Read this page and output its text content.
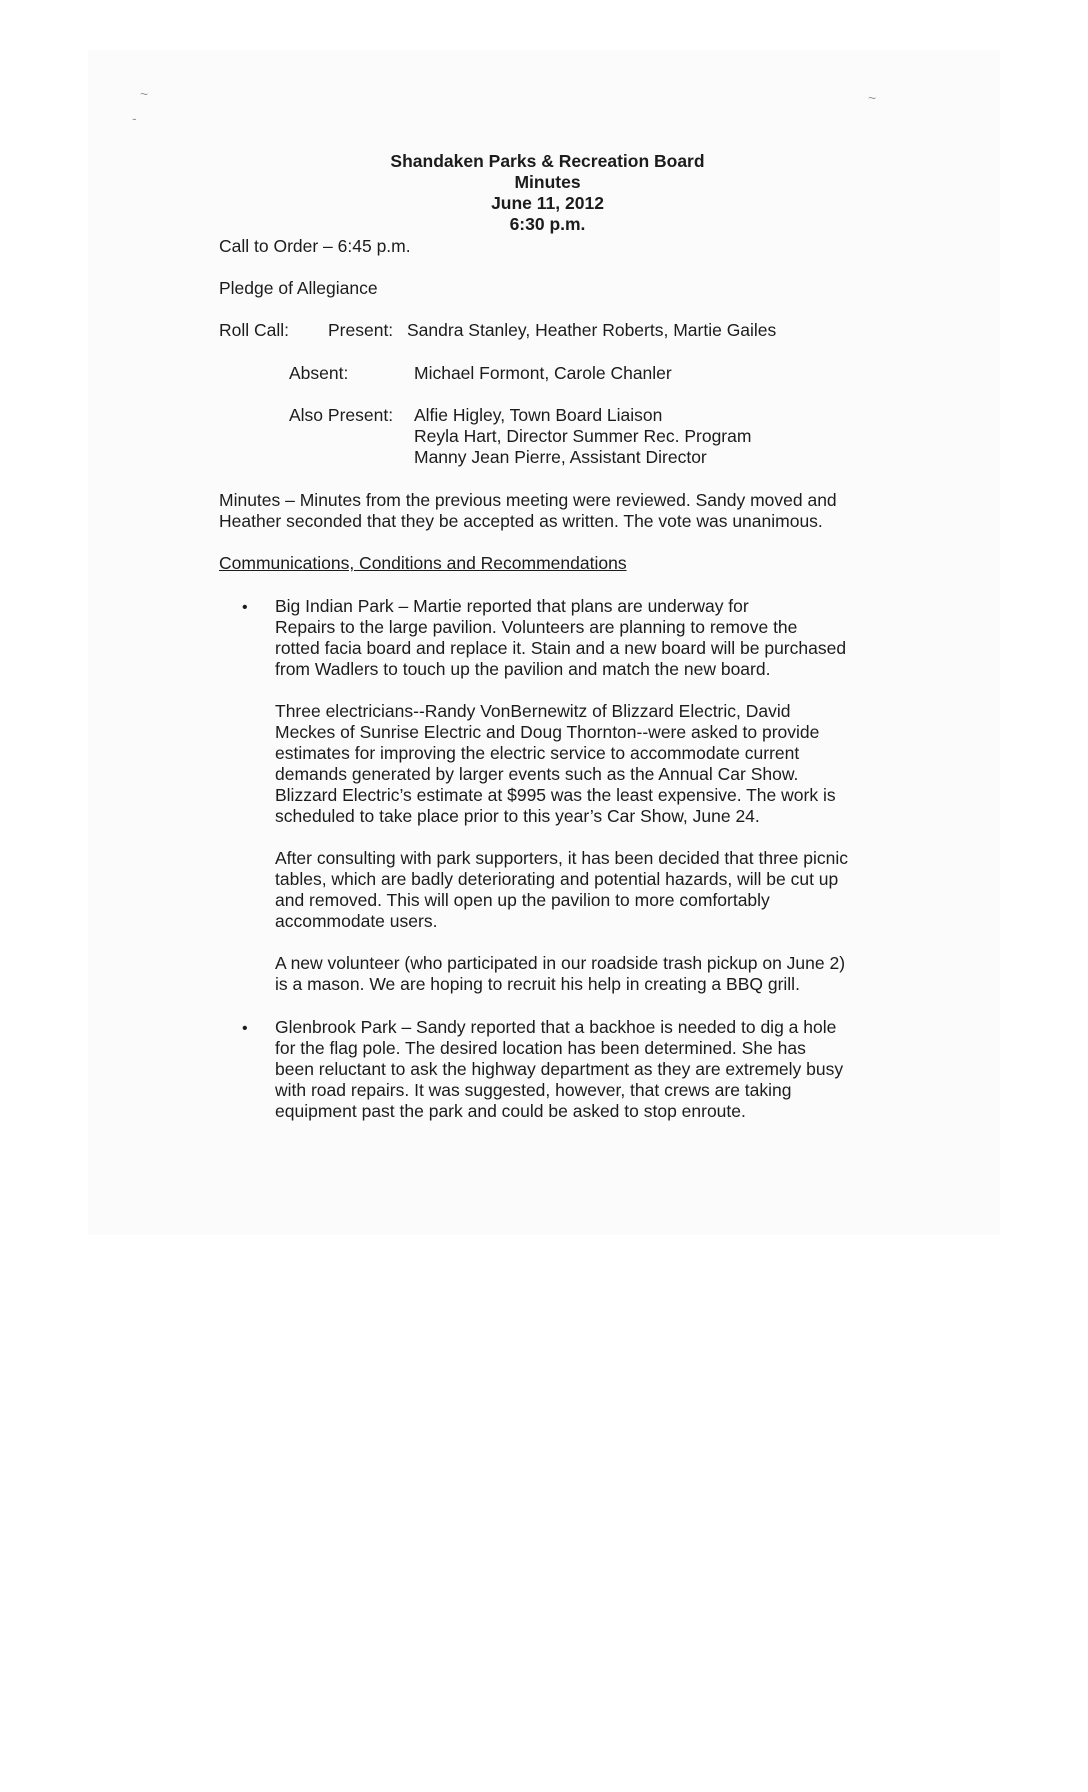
~
-
~
Shandaken Parks & Recreation Board
Minutes
June 11, 2012
6:30 p.m.
Call to Order – 6:45 p.m.
Pledge of Allegiance
Roll Call: Present: Sandra Stanley, Heather Roberts, Martie Gailes
Absent:	Michael Formont, Carole Chanler
Also Present: Alfie Higley, Town Board Liaison
Reyla Hart, Director Summer Rec. Program
Manny Jean Pierre, Assistant Director
Minutes – Minutes from the previous meeting were reviewed. Sandy moved and
Heather seconded that they be accepted as written. The vote was unanimous.
Communications, Conditions and Recommendations
• Big Indian Park – Martie reported that plans are underway for
Repairs to the large pavilion. Volunteers are planning to remove the
rotted facia board and replace it. Stain and a new board will be purchased
from Wadlers to touch up the pavilion and match the new board.
Three electricians--Randy VonBernewitz of Blizzard Electric, David
Meckes of Sunrise Electric and Doug Thornton--were asked to provide
estimates for improving the electric service to accommodate current
demands generated by larger events such as the Annual Car Show.
Blizzard Electric’s estimate at $995 was the least expensive. The work is
scheduled to take place prior to this year’s Car Show, June 24.
After consulting with park supporters, it has been decided that three picnic
tables, which are badly deteriorating and potential hazards, will be cut up
and removed. This will open up the pavilion to more comfortably
accommodate users.
A new volunteer (who participated in our roadside trash pickup on June 2)
is a mason. We are hoping to recruit his help in creating a BBQ grill.
• Glenbrook Park – Sandy reported that a backhoe is needed to dig a hole
for the flag pole. The desired location has been determined. She has
been reluctant to ask the highway department as they are extremely busy
with road repairs. It was suggested, however, that crews are taking
equipment past the park and could be asked to stop enroute.
